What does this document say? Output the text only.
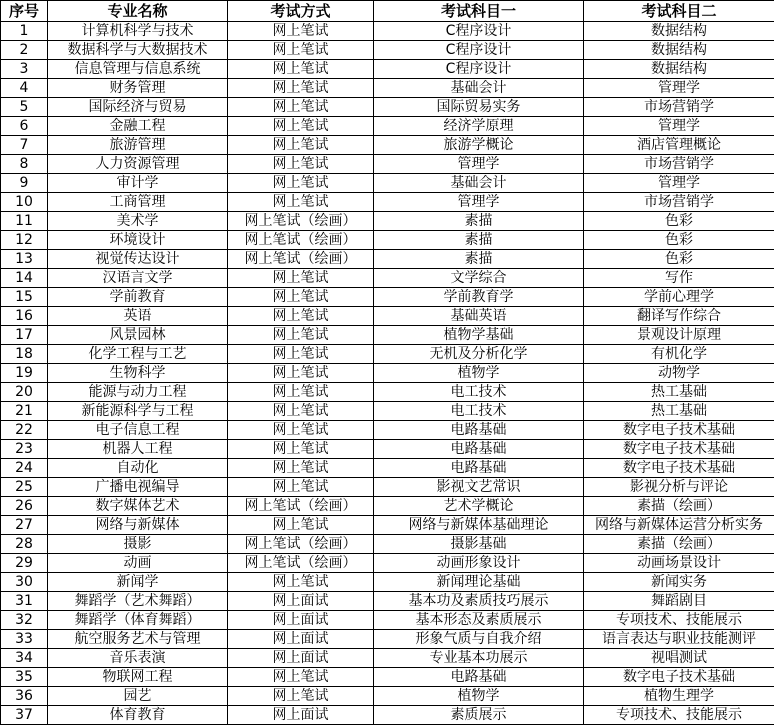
序号	专业名称	考试方式	考试科目一	考试科目二
1	计算机科学与技术	网上笔试	C程序设计	数据结构
2	数据科学与大数据技术	网上笔试	C程序设计	数据结构
3	信息管理与信息系统	网上笔试	C程序设计	数据结构
4	财务管理	网上笔试	基础会计	管理学
5	国际经济与贸易	网上笔试	国际贸易实务	市场营销学
6	金融工程	网上笔试	经济学原理	管理学
7	旅游管理	网上笔试	旅游学概论	酒店管理概论
8	人力资源管理	网上笔试	管理学	市场营销学
9	审计学	网上笔试	基础会计	管理学
10	工商管理	网上笔试	管理学	市场营销学
11	美术学	网上笔试（绘画）	素描	色彩
12	环境设计	网上笔试（绘画）	素描	色彩
13	视觉传达设计	网上笔试（绘画）	素描	色彩
14	汉语言文学	网上笔试	文学综合	写作
15	学前教育	网上笔试	学前教育学	学前心理学
16	英语	网上笔试	基础英语	翻译写作综合
17	风景园林	网上笔试	植物学基础	景观设计原理
18	化学工程与工艺	网上笔试	无机及分析化学	有机化学
19	生物科学	网上笔试	植物学	动物学
20	能源与动力工程	网上笔试	电工技术	热工基础
21	新能源科学与工程	网上笔试	电工技术	热工基础
22	电子信息工程	网上笔试	电路基础	数字电子技术基础
23	机器人工程	网上笔试	电路基础	数字电子技术基础
24	自动化	网上笔试	电路基础	数字电子技术基础
25	广播电视编导	网上笔试	影视文艺常识	影视分析与评论
26	数字媒体艺术	网上笔试（绘画）	艺术学概论	素描（绘画）
27	网络与新媒体	网上笔试	网络与新媒体基础理论	网络与新媒体运营分析实务
28	摄影	网上笔试（绘画）	摄影基础	素描（绘画）
29	动画	网上笔试（绘画）	动画形象设计	动画场景设计
30	新闻学	网上笔试	新闻理论基础	新闻实务
31	舞蹈学（艺术舞蹈）	网上面试	基本功及素质技巧展示	舞蹈剧目
32	舞蹈学（体育舞蹈）	网上面试	基本形态及素质展示	专项技术、技能展示
33	航空服务艺术与管理	网上面试	形象气质与自我介绍	语言表达与职业技能测评
34	音乐表演	网上面试	专业基本功展示	视唱测试
35	物联网工程	网上笔试	电路基础	数字电子技术基础
36	园艺	网上笔试	植物学	植物生理学
37	体育教育	网上面试	素质展示	专项技术、技能展示
